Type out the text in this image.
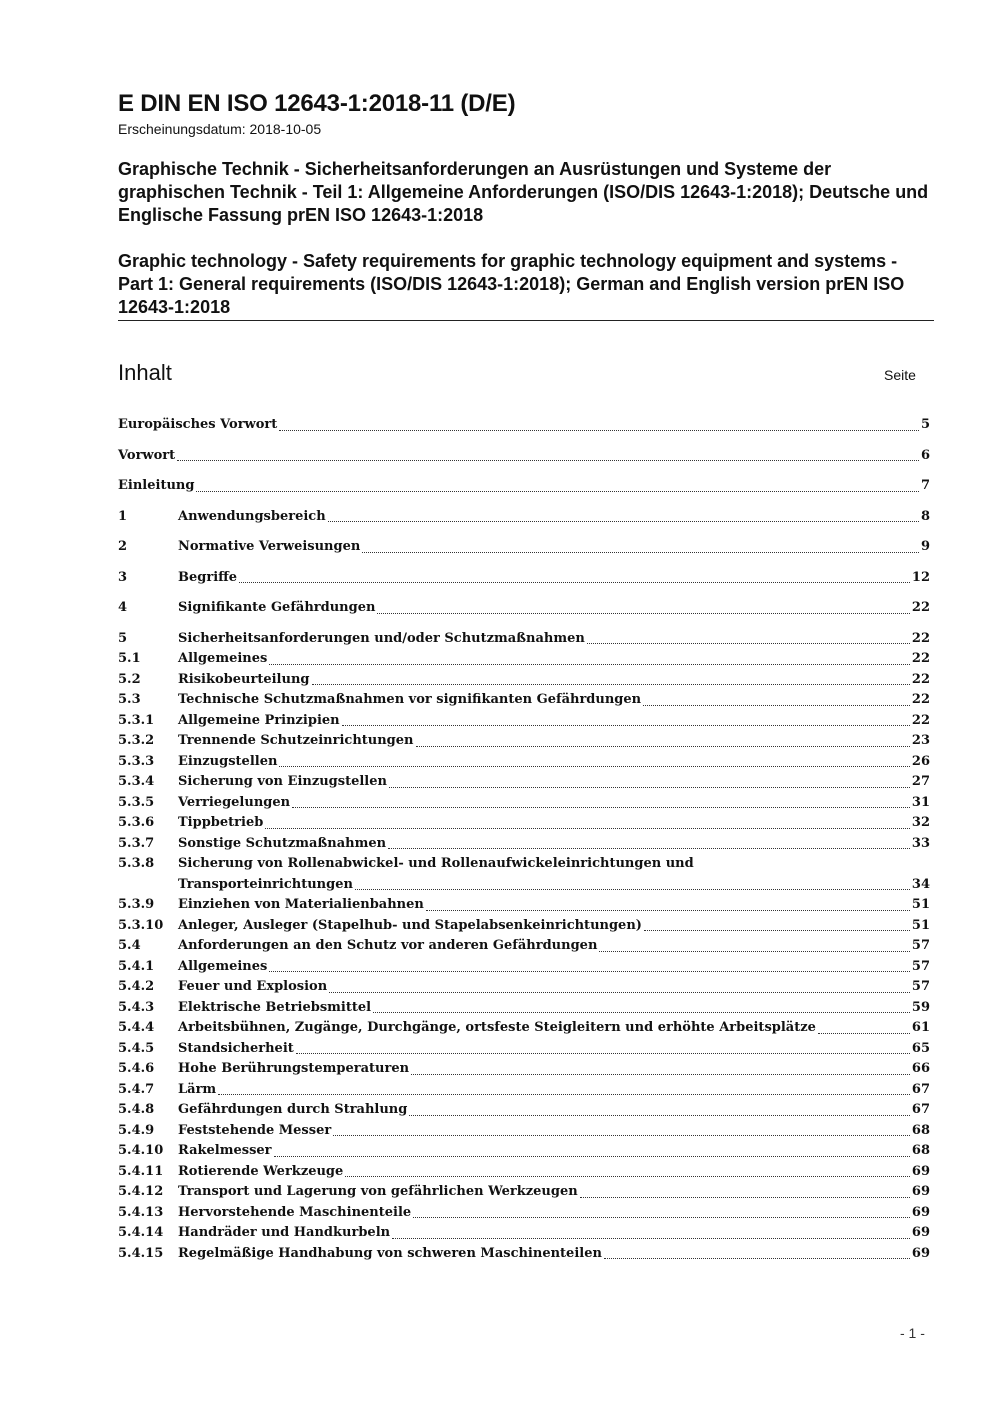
E DIN EN ISO 12643-1:2018-11 (D/E)
Erscheinungsdatum: 2018-10-05
Graphische Technik - Sicherheitsanforderungen an Ausrüstungen und Systeme der graphischen Technik - Teil 1: Allgemeine Anforderungen (ISO/DIS 12643-1:2018); Deutsche und Englische Fassung prEN ISO 12643-1:2018
Graphic technology - Safety requirements for graphic technology equipment and systems - Part 1: General requirements (ISO/DIS 12643-1:2018); German and English version prEN ISO 12643-1:2018
Inhalt	Seite
Europäisches Vorwort	5
Vorwort	6
Einleitung	7
1	Anwendungsbereich	8
2	Normative Verweisungen	9
3	Begriffe	12
4	Signifikante Gefährdungen	22
5	Sicherheitsanforderungen und/oder Schutzmaßnahmen	22
5.1	Allgemeines	22
5.2	Risikobeurteilung	22
5.3	Technische Schutzmaßnahmen vor signifikanten Gefährdungen	22
5.3.1	Allgemeine Prinzipien	22
5.3.2	Trennende Schutzeinrichtungen	23
5.3.3	Einzugstellen	26
5.3.4	Sicherung von Einzugstellen	27
5.3.5	Verriegelungen	31
5.3.6	Tippbetrieb	32
5.3.7	Sonstige Schutzmaßnahmen	33
5.3.8	Sicherung von Rollenabwickel- und Rollenaufwickeleinrichtungen und
Transporteinrichtungen	34
5.3.9	Einziehen von Materialienbahnen	51
5.3.10	Anleger, Ausleger (Stapelhub- und Stapelabsenkeinrichtungen)	51
5.4	Anforderungen an den Schutz vor anderen Gefährdungen	57
5.4.1	Allgemeines	57
5.4.2	Feuer und Explosion	57
5.4.3	Elektrische Betriebsmittel	59
5.4.4	Arbeitsbühnen, Zugänge, Durchgänge, ortsfeste Steigleitern und erhöhte Arbeitsplätze	61
5.4.5	Standsicherheit	65
5.4.6	Hohe Berührungstemperaturen	66
5.4.7	Lärm	67
5.4.8	Gefährdungen durch Strahlung	67
5.4.9	Feststehende Messer	68
5.4.10	Rakelmesser	68
5.4.11	Rotierende Werkzeuge	69
5.4.12	Transport und Lagerung von gefährlichen Werkzeugen	69
5.4.13	Hervorstehende Maschinenteile	69
5.4.14	Handräder und Handkurbeln	69
5.4.15	Regelmäßige Handhabung von schweren Maschinenteilen	69
- 1 -
